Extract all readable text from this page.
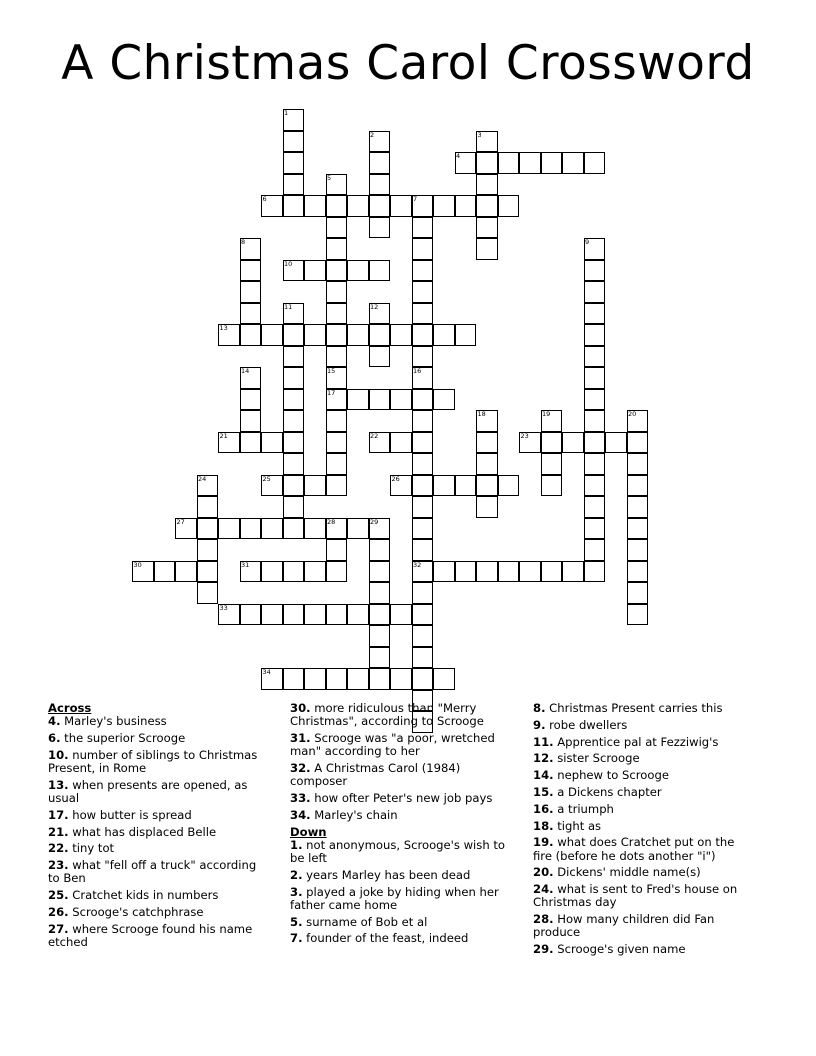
A Christmas Carol Crossword
1
2	3
4
5
15
17
6	7
16
32
8	9
10
11	12
13
14
18	19	20
21	22	23
24	25	26
27	28	29
30	31
33
34
Across
4. Marley's business
6. the superior Scrooge
10. number of siblings to Christmas Present, in Rome
13. when presents are opened, as usual
17. how butter is spread
21. what has displaced Belle
22. tiny tot
23. what "fell off a truck" according to Ben
25. Cratchet kids in numbers
26. Scrooge's catchphrase
27. where Scrooge found his name etched
30. more ridiculous than "Merry Christmas", according to Scrooge
31. Scrooge was "a poor, wretched man" according to her
32. A Christmas Carol (1984) composer
33. how ofter Peter's new job pays
34. Marley's chain
Down
1. not anonymous, Scrooge's wish to be left
2. years Marley has been dead
3. played a joke by hiding when her father came home
5. surname of Bob et al
7. founder of the feast, indeed
8. Christmas Present carries this
9. robe dwellers
11. Apprentice pal at Fezziwig's
12. sister Scrooge
14. nephew to Scrooge
15. a Dickens chapter
16. a triumph
18. tight as
19. what does Cratchet put on the fire (before he dots another "i")
20. Dickens' middle name(s)
24. what is sent to Fred's house on Christmas day
28. How many children did Fan produce
29. Scrooge's given name
